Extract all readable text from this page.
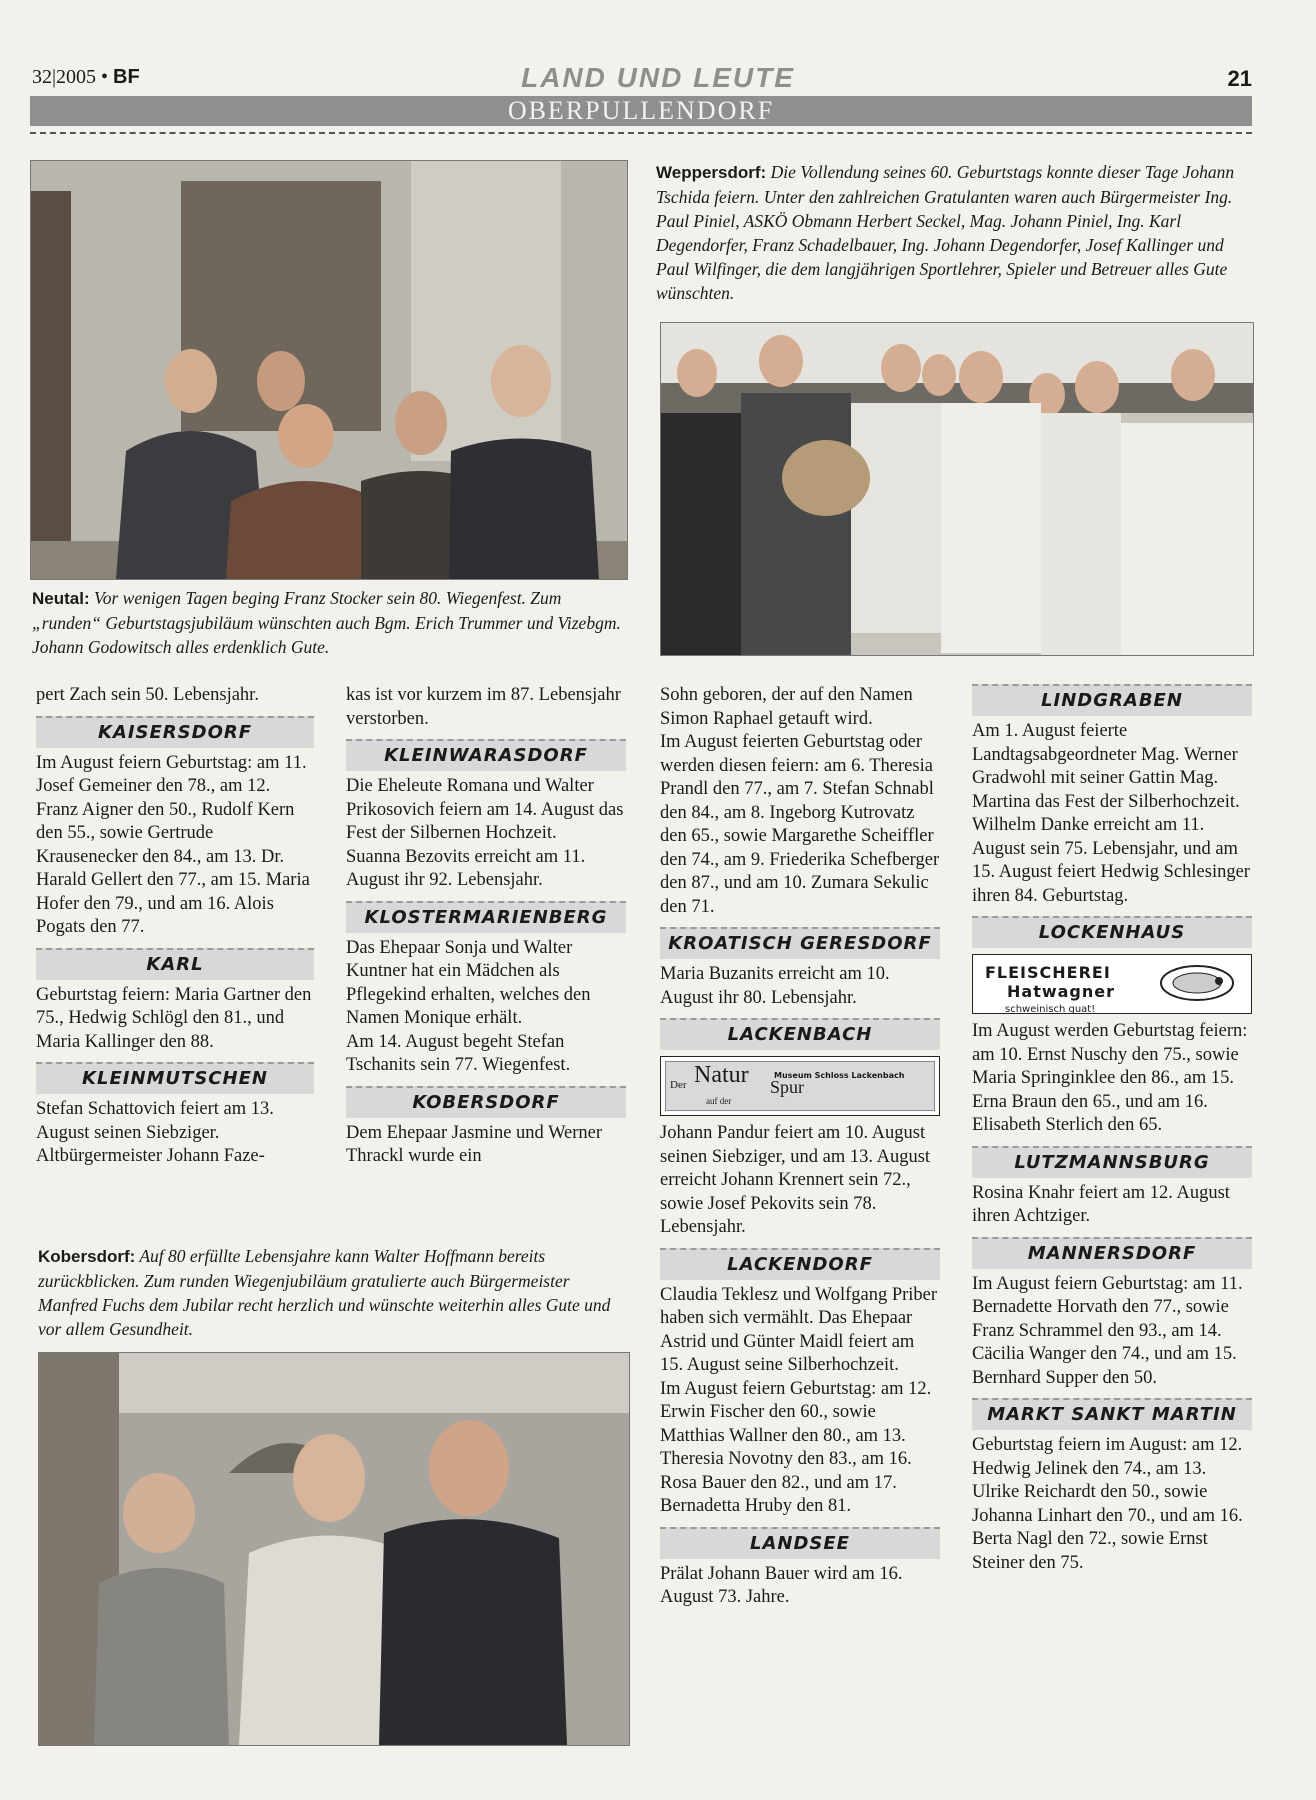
32|2005 • BF	LAND UND LEUTE	21
OBERPULLENDORF
Weppersdorf: Die Vollendung seines 60. Geburtstags konnte dieser Tage Johann Tschida feiern. Unter den zahlreichen Gratulanten waren auch Bürgermeister Ing. Paul Piniel, ASKÖ Obmann Herbert Seckel, Mag. Johann Piniel, Ing. Karl Degendorfer, Franz Schadelbauer, Ing. Johann Degendorfer, Josef Kallinger und Paul Wilfinger, die dem langjährigen Sportlehrer, Spieler und Betreuer alles Gute wünschten.
Neutal: Vor wenigen Tagen beging Franz Stocker sein 80. Wiegenfest. Zum „runden“ Geburtstagsjubiläum wünschten auch Bgm. Erich Trummer und Vizebgm. Johann Godowitsch alles erdenklich Gute.
Kobersdorf: Auf 80 erfüllte Lebensjahre kann Walter Hoffmann bereits zurückblicken. Zum runden Wiegenjubiläum gratulierte auch Bürgermeister Manfred Fuchs dem Jubilar recht herzlich und wünschte weiterhin alles Gute und vor allem Gesundheit.

pert Zach sein 50. Lebensjahr.

KAISERSDORF

Im August feiern Geburtstag: am 11. Josef Gemeiner den 78., am 12. Franz Aigner den 50., Rudolf Kern den 55., sowie Gertrude Krausenecker den 84., am 13. Dr. Harald Gellert den 77., am 15. Maria Hofer den 79., und am 16. Alois Pogats den 77.

KARL

Geburtstag feiern: Maria Gartner den 75., Hedwig Schlögl den 81., und Maria Kallinger den 88.

KLEINMUTSCHEN

Stefan Schattovich feiert am 13. August seinen Siebziger. Altbürgermeister Johann Faze-

kas ist vor kurzem im 87. Lebensjahr verstorben.

KLEINWARASDORF

Die Eheleute Romana und Walter Prikosovich feiern am 14. August das Fest der Silbernen Hochzeit.

Suanna Bezovits erreicht am 11. August ihr 92. Lebensjahr.

KLOSTERMARIENBERG

Das Ehepaar Sonja und Walter Kuntner hat ein Mädchen als Pflegekind erhalten, welches den Namen Monique erhält.

Am 14. August begeht Stefan Tschanits sein 77. Wiegenfest.

KOBERSDORF

Dem Ehepaar Jasmine und Werner Thrackl wurde ein

Sohn geboren, der auf den Namen Simon Raphael getauft wird.

Im August feierten Geburtstag oder werden diesen feiern: am 6. Theresia Prandl den 77., am 7. Stefan Schnabl den 84., am 8. Ingeborg Kutrovatz den 65., sowie Margarethe Scheiffler den 74., am 9. Friederika Schefberger den 87., und am 10. Zumara Sekulic den 71.

KROATISCH GERESDORF

Maria Buzanits erreicht am 10. August ihr 80. Lebensjahr.

LACKENBACH
Der Natur
auf der
Spur
Museum Schloss Lackenbach

Johann Pandur feiert am 10. August seinen Siebziger, und am 13. August erreicht Johann Krennert sein 72., sowie Josef Pekovits sein 78. Lebensjahr.

LACKENDORF

Claudia Teklesz und Wolfgang Priber haben sich vermählt. Das Ehepaar Astrid und Günter Maidl feiert am 15. August seine Silberhochzeit.

Im August feiern Geburtstag: am 12. Erwin Fischer den 60., sowie Matthias Wallner den 80., am 13. Theresia Novotny den 83., am 16. Rosa Bauer den 82., und am 17. Bernadetta Hruby den 81.

LANDSEE

Prälat Johann Bauer wird am 16. August 73. Jahre.

LINDGRABEN

Am 1. August feierte Landtagsabgeordneter Mag. Werner Gradwohl mit seiner Gattin Mag. Martina das Fest der Silberhochzeit.

Wilhelm Danke erreicht am 11. August sein 75. Lebensjahr, und am 15. August feiert Hedwig Schlesinger ihren 84. Geburtstag.

LOCKENHAUS
FLEISCHEREI
Hatwagner
schweinisch guat!

Im August werden Geburtstag feiern: am 10. Ernst Nuschy den 75., sowie Maria Springinklee den 86., am 15. Erna Braun den 65., und am 16. Elisabeth Sterlich den 65.

LUTZMANNSBURG

Rosina Knahr feiert am 12. August ihren Achtziger.

MANNERSDORF

Im August feiern Geburtstag: am 11. Bernadette Horvath den 77., sowie Franz Schrammel den 93., am 14. Cäcilia Wanger den 74., und am 15. Bernhard Supper den 50.

MARKT SANKT MARTIN

Geburtstag feiern im August: am 12. Hedwig Jelinek den 74., am 13. Ulrike Reichardt den 50., sowie Johanna Linhart den 70., und am 16. Berta Nagl den 72., sowie Ernst Steiner den 75.
